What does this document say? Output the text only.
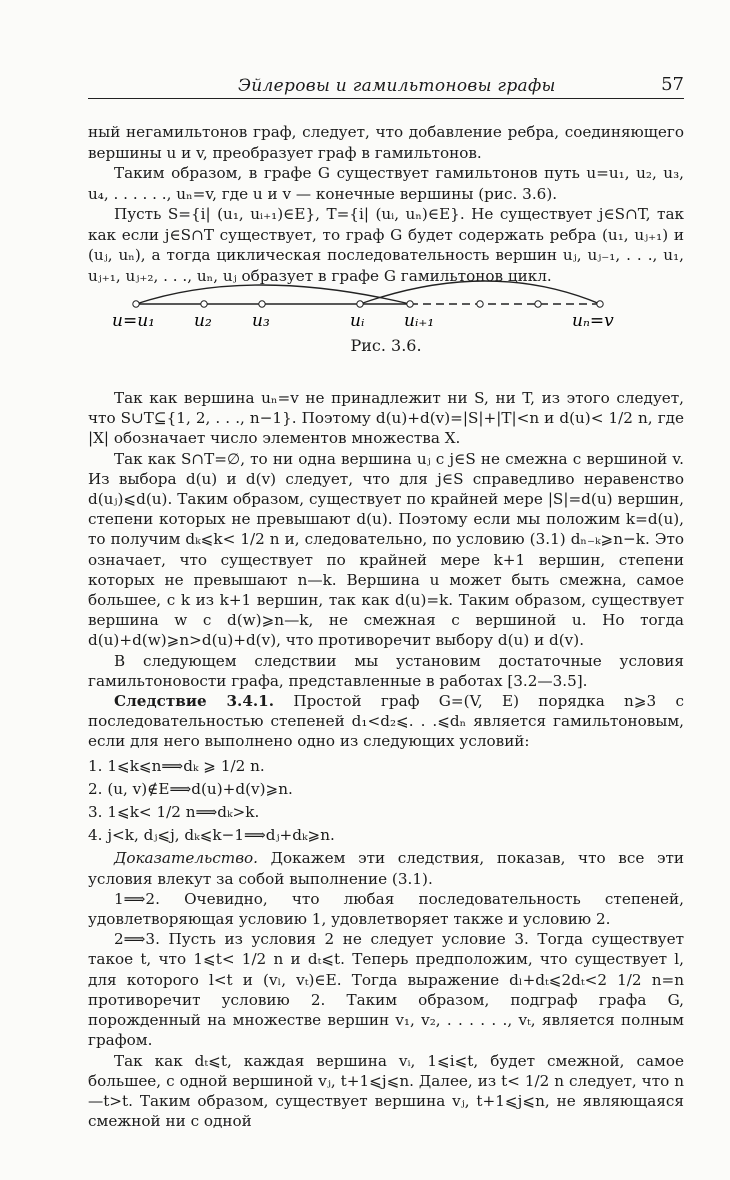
Эйлеровы и гамильтоновы графы	57

ный негамильтонов граф, следует, что добавление ребра, соединяющего вершины u и v, преобразует граф в гамильтонов.

Таким образом, в графе G существует гамильтонов путь u=u₁, u₂, u₃, u₄, . . . . . ., uₙ=v, где u и v — конечные вершины (рис. 3.6).

Пусть S={i| (u₁, uᵢ₊₁)∈E}, T={i| (uᵢ, uₙ)∈E}. Не существует j∈S∩T, так как если j∈S∩T существует, то граф G будет содержать ребра (u₁, uⱼ₊₁) и (uⱼ, uₙ), а тогда циклическая последовательность вершин uⱼ, uⱼ₋₁, . . ., u₁, uⱼ₊₁, uⱼ₊₂, . . ., uₙ, uⱼ образует в графе G гамильтонов цикл.

u=u₁ u₂ u₃	uᵢ uᵢ₊₁	uₙ=v
Рис. 3.6.

Так как вершина uₙ=v не принадлежит ни S, ни T, из этого следует, что S∪T⊆{1, 2, . . ., n−1}. Поэтому d(u)+d(v)=|S|+|T|<n и d(u)< 1/2 n, где |X| обозначает число элементов множества X.

Так как S∩T=∅, то ни одна вершина uⱼ с j∈S не смежна с вершиной v. Из выбора d(u) и d(v) следует, что для j∈S справедливо неравенство d(uⱼ)⩽d(u). Таким образом, существует по крайней мере |S|=d(u) вершин, степени которых не превышают d(u). Поэтому если мы положим k=d(u), то получим dₖ⩽k< 1/2 n и, следовательно, по условию (3.1) dₙ₋ₖ⩾n−k. Это означает, что существует по крайней мере k+1 вершин, степени которых не превышают n—k. Вершина u может быть смежна, самое большее, с k из k+1 вершин, так как d(u)=k. Таким образом, существует вершина w с d(w)⩾n—k, не смежная с вершиной u. Но тогда d(u)+d(w)⩾n>d(u)+d(v), что противоречит выбору d(u) и d(v).

В следующем следствии мы установим достаточные условия гамильтоновости графа, представленные в работах [3.2—3.5].

Следствие 3.4.1. Простой граф G=(V, E) порядка n⩾3 с последовательностью степеней d₁<d₂⩽. . .⩽dₙ является гамильтоновым, если для него выполнено одно из следующих условий:

1. 1⩽k⩽n⟹dₖ ⩾ 1/2 n.
2. (u, v)∉E⟹d(u)+d(v)⩾n.
3. 1⩽k< 1/2 n⟹dₖ>k.
4. j<k, dⱼ⩽j, dₖ⩽k−1⟹dⱼ+dₖ⩾n.

Доказательство. Докажем эти следствия, показав, что все эти условия влекут за собой выполнение (3.1).

1⟹2. Очевидно, что любая последовательность степеней, удовлетворяющая условию 1, удовлетворяет также и условию 2.

2⟹3. Пусть из условия 2 не следует условие 3. Тогда существует такое t, что 1⩽t< 1/2 n и dₜ⩽t. Теперь предположим, что существует l, для которого l<t и (vₗ, vₜ)∈E. Тогда выражение dₗ+dₜ⩽2dₜ<2 1/2 n=n противоречит условию 2. Таким образом, подграф графа G, порожденный на множестве вершин v₁, v₂, . . . . . ., vₜ, является полным графом.

Так как dₜ⩽t, каждая вершина vᵢ, 1⩽i⩽t, будет смежной, самое большее, с одной вершиной vⱼ, t+1⩽j⩽n. Далее, из t< 1/2 n следует, что n—t>t. Таким образом, существует вершина vⱼ, t+1⩽j⩽n, не являющаяся смежной ни с одной
